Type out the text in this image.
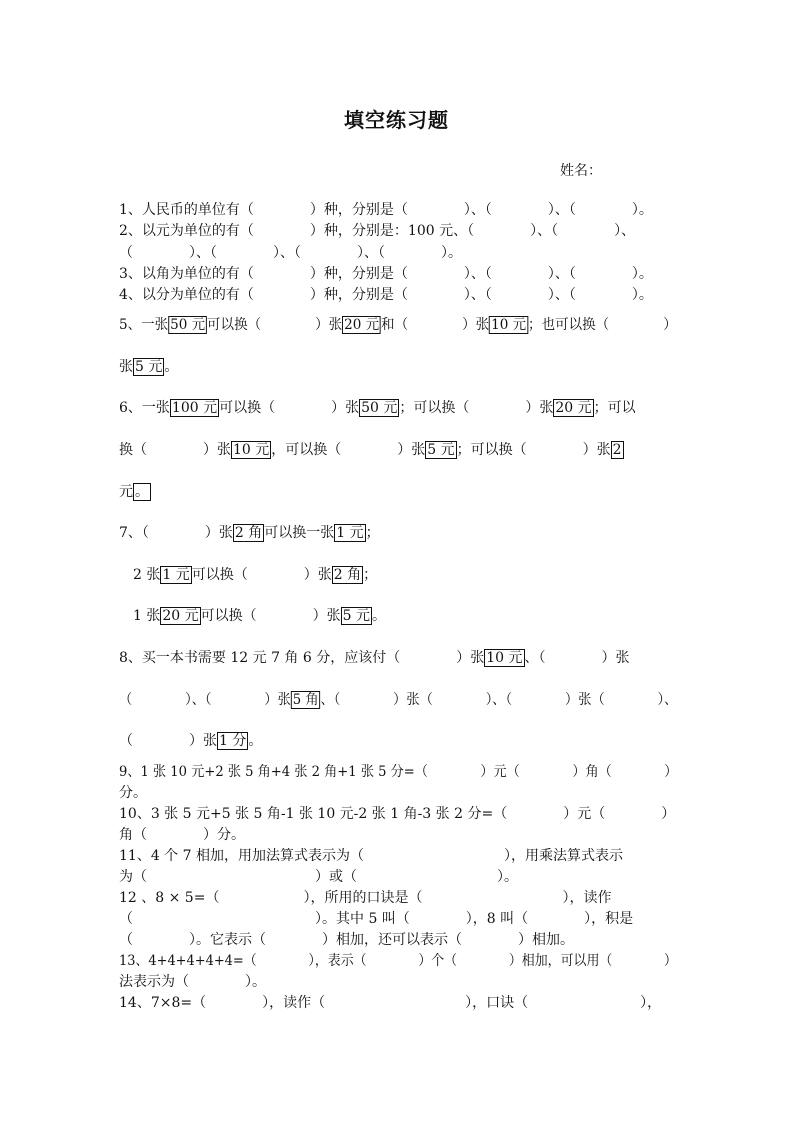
填空练习题
姓名：
1、人民币的单位有（　　　　）种，分别是（　　　　）、（　　　　）、（　　　　）。
2、以元为单位的有（　　　　）种，分别是：100 元、（　　　　）、（　　　　）、
（　　　　）、（　　　　）、（　　　　）、（　　　　）。
3、以角为单位的有（　　　　）种，分别是（　　　　）、（　　　　）、（　　　　）。
4、以分为单位的有（　　　　）种，分别是（　　　　）、（　　　　）、（　　　　）。
5、一张 50 元 可以换（　　　　）张 20 元 和（　　　　）张 10 元 ；也可以换（　　　　）
张 5 元 。
6、一张 100 元 可以换（　　　　）张 50 元 ；可以换（　　　　）张 20 元 ；可以
换（　　　　）张 10 元 ，可以换（　　　　）张 5 元 ；可以换（　　　　）张 2
元 。
7、（　　　　）张 2 角 可以换一张 1 元 ；
　2 张 1 元 可以换（　　　　）张 2 角 ；
　1 张 20 元 可以换（　　　　）张 5 元 。
8、买一本书需要 12 元 7 角 6 分，应该付（　　　　）张 10 元 、（　　　　）张
（　　　　）、（　　　　）张 5 角 、（　　　　）张（　　　　）、（　　　　）张（　　　　）、
（　　　　）张 1 分 。
9、1 张 10 元+2 张 5 角+4 张 2 角+1 张 5 分=（　　　　）元（　　　　）角（　　　　）
分。
10、3 张 5 元+5 张 5 角-1 张 10 元-2 张 1 角-3 张 2 分=（　　　　）元（　　　　）
角（　　　　）分。
11、4 个 7 相加，用加法算式表示为（　　　　　　　　　　），用乘法算式表示
为（　　　　　　　　　　　　）或（　　　　　　　　　　）。
12 、8 × 5=（　　　　　　），所用的口诀是（　　　　　　　　　　），读作
（　　　　　　　　　　　　　）。其中 5 叫（　　　　），8 叫（　　　　），积是
（　　　　）。它表示（　　　　）相加，还可以表示（　　　　）相加。
13、4+4+4+4+4=（　　　　），表示（　　　　）个（　　　　）相加，可以用（　　　　）
法表示为（　　　　）。
14、7×8=（　　　　），读作（　　　　　　　　　　），口诀（　　　　　　　　），
